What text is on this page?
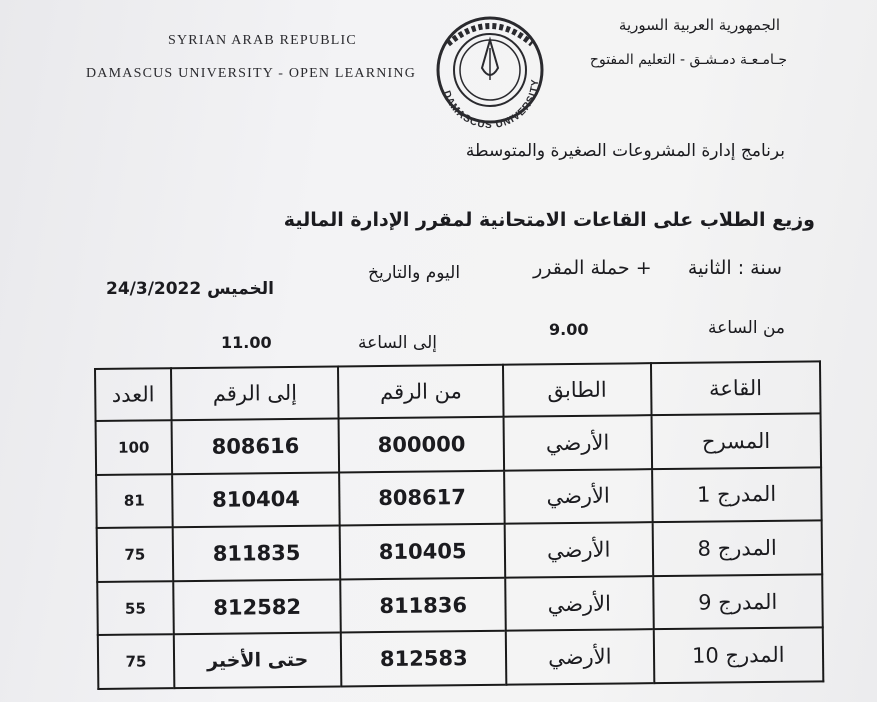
SYRIAN ARAB REPUBLIC
DAMASCUS UNIVERSITY - OPEN LEARNING
الجمهورية العربية السورية
جـامـعـة دمـشـق - التعليم المفتوح
DAMASCUS UNIVERSITY
برنامج إدارة المشروعات الصغيرة والمتوسطة
وزيع الطلاب على القاعات الامتحانية لمقرر الإدارة المالية
سنة : الثانية      + حملة المقرر
اليوم والتاريخ
الخميس 24/3/2022
من الساعة
9.00
إلى الساعة
11.00
القاعة	الطابق	من الرقم	إلى الرقم	العدد
المسرح	الأرضي	800000	808616	100
المدرج 1	الأرضي	808617	810404	81
المدرج 8	الأرضي	810405	811835	75
المدرج 9	الأرضي	811836	812582	55
المدرج 10	الأرضي	812583	حتى الأخير	75
